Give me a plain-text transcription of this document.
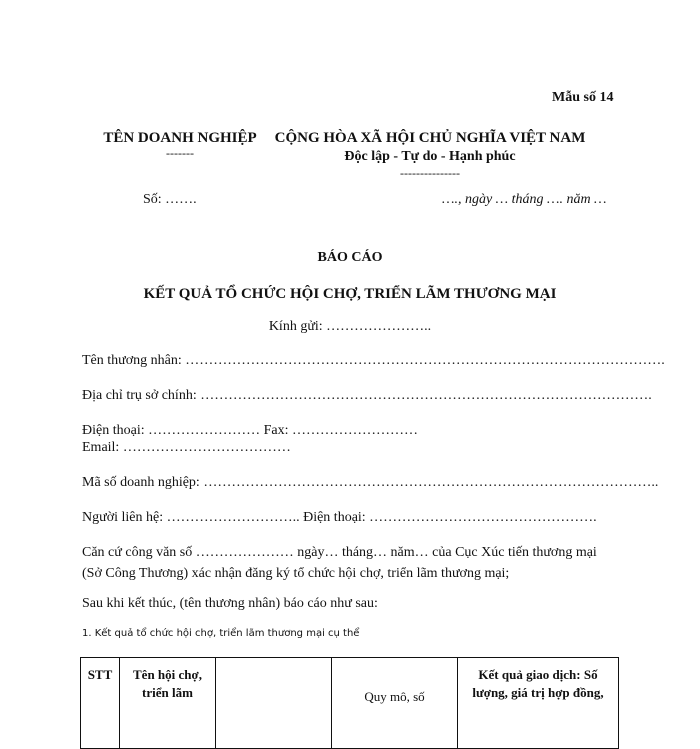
Mẫu số 14
TÊN DOANH NGHIỆP
-------
CỘNG HÒA XÃ HỘI CHỦ NGHĨA VIỆT NAM
Độc lập - Tự do - Hạnh phúc
---------------
Số: …….	…., ngày … tháng …. năm …
BÁO CÁO
KẾT QUẢ TỔ CHỨC HỘI CHỢ, TRIỂN LÃM THƯƠNG MẠI
Kính gửi: …………………..
Tên thương nhân: ………………………………………………………………………………………….
Địa chỉ trụ sở chính: …………………………………………………………………………………….
Điện thoại: …………………… Fax: ………………………
Email: ………………………………
Mã số doanh nghiệp: ……………………………………………………………………………………..
Người liên hệ: ……………………….. Điện thoại: ………………………………………….
Căn cứ công văn số ………………… ngày… tháng… năm… của Cục Xúc tiến thương mại (Sở Công Thương) xác nhận đăng ký tổ chức hội chợ, triển lãm thương mại;
Sau khi kết thúc, (tên thương nhân) báo cáo như sau:
1. Kết quả tổ chức hội chợ, triển lãm thương mại cụ thể
STT	Tên hội chợ, triển lãm		Quy mô, số	Kết quả giao dịch: Số lượng, giá trị hợp đồng,
